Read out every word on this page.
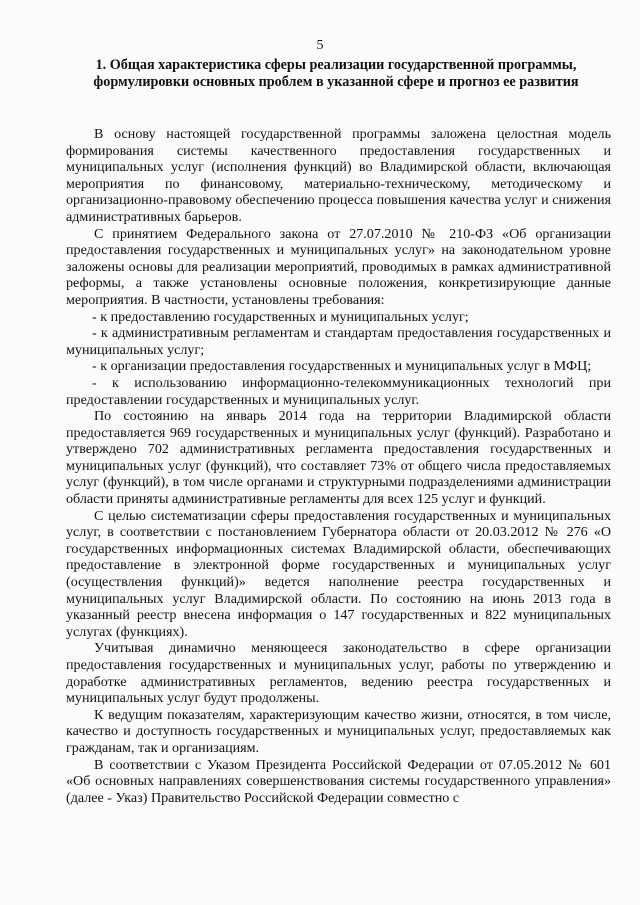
5
1. Общая характеристика сферы реализации государственной программы, формулировки основных проблем в указанной сфере и прогноз ее развития

В основу настоящей государственной программы заложена целостная модель формирования системы качественного предоставления государственных и муниципальных услуг (исполнения функций) во Владимирской области, включающая мероприятия по финансовому, материально-техническому, методическому и организационно-правовому обеспечению процесса повышения качества услуг и снижения административных барьеров.

С принятием Федерального закона от 27.07.2010 № 210-ФЗ «Об организации предоставления государственных и муниципальных услуг» на законодательном уровне заложены основы для реализации мероприятий, проводимых в рамках административной реформы, а также установлены основные положения, конкретизирующие данные мероприятия. В частности, установлены требования:

- к предоставлению государственных и муниципальных услуг;

- к административным регламентам и стандартам предоставления государственных и муниципальных услуг;

- к организации предоставления государственных и муниципальных услуг в МФЦ;

- к использованию информационно-телекоммуникационных технологий при предоставлении государственных и муниципальных услуг.

По состоянию на январь 2014 года на территории Владимирской области предоставляется 969 государственных и муниципальных услуг (функций). Разработано и утверждено 702 административных регламента предоставления государственных и муниципальных услуг (функций), что составляет 73% от общего числа предоставляемых услуг (функций), в том числе органами и структурными подразделениями администрации области приняты административные регламенты для всех 125 услуг и функций.

С целью систематизации сферы предоставления государственных и муниципальных услуг, в соответствии с постановлением Губернатора области от 20.03.2012 № 276 «О государственных информационных системах Владимирской области, обеспечивающих предоставление в электронной форме государственных и муниципальных услуг (осуществления функций)» ведется наполнение реестра государственных и муниципальных услуг Владимирской области. По состоянию на июнь 2013 года в указанный реестр внесена информация о 147 государственных и 822 муниципальных услугах (функциях).

Учитывая динамично меняющееся законодательство в сфере организации предоставления государственных и муниципальных услуг, работы по утверждению и доработке административных регламентов, ведению реестра государственных и муниципальных услуг будут продолжены.

К ведущим показателям, характеризующим качество жизни, относятся, в том числе, качество и доступность государственных и муниципальных услуг, предоставляемых как гражданам, так и организациям.

В соответствии с Указом Президента Российской Федерации от 07.05.2012 № 601 «Об основных направлениях совершенствования системы государственного управления» (далее - Указ) Правительство Российской Федерации совместно с
